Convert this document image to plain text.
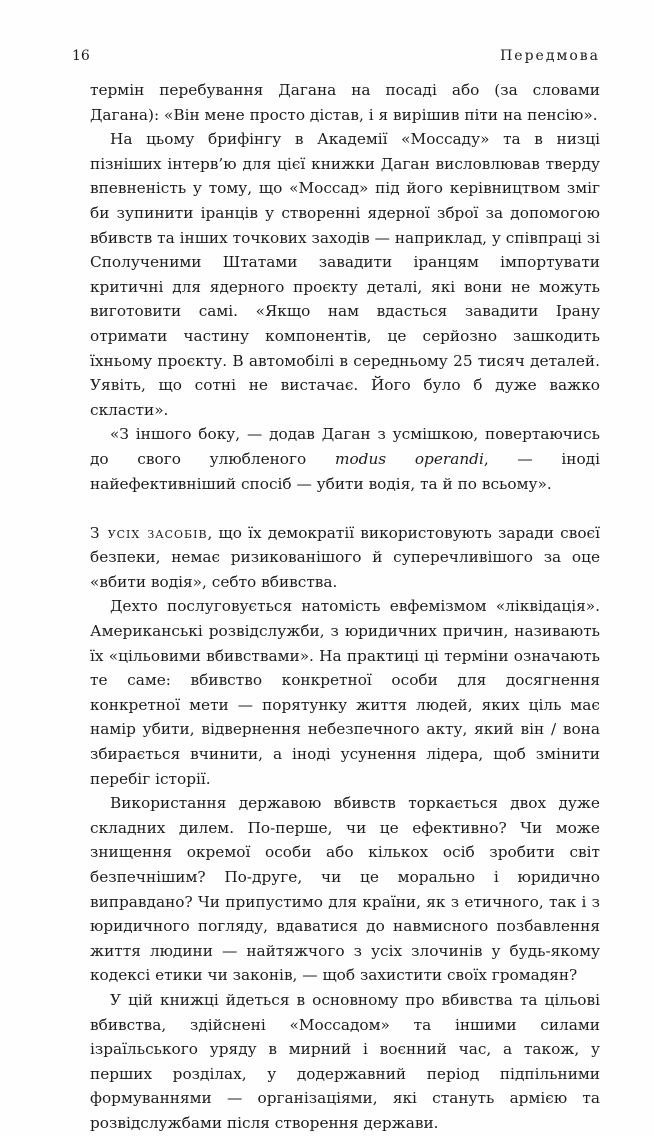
16	Передмова

термін перебування Дагана на посаді або (за словами Дагана): «Він мене просто дістав, і я вирішив піти на пенсію».

На цьому брифінгу в Академії «Моссаду» та в низці пізніших інтерв’ю для цієї книжки Даган висловлював тверду впевненість у тому, що «Моссад» під його керівництвом зміг би зупинити іранців у створенні ядерної зброї за допомогою вбивств та інших точкових заходів — наприклад, у співпраці зі Сполученими Штатами завадити іранцям імпортувати критичні для ядерного проєкту деталі, які вони не можуть виготовити самі. «Якщо нам вдасться завадити Ірану отримати частину компонентів, це серйозно зашкодить їхньому проєкту. В автомобілі в середньому 25 тисяч деталей. Уявіть, що сотні не вистачає. Його було б дуже важко скласти».

«З іншого боку, — додав Даган з усмішкою, повертаючись до свого улюбленого modus operandi, — іноді найефективніший спосіб — убити водія, та й по всьому».

З усіх засобів, що їх демократії використовують заради своєї безпеки, немає ризикованішого й суперечливішого за оце «вбити водія», себто вбивства.

Дехто послуговується натомість евфемізмом «ліквідація». Американські розвідслужби, з юридичних причин, називають їх «цільовими вбивствами». На практиці ці терміни означають те саме: вбивство конкретної особи для досягнення конкретної мети — порятунку життя людей, яких ціль має намір убити, відвернення небезпечного акту, який він / вона збирається вчинити, а іноді усунення лідера, щоб змінити перебіг історії.

Використання державою вбивств торкається двох дуже складних дилем. По-перше, чи це ефективно? Чи може знищення окремої особи або кількох осіб зробити світ безпечнішим? По-друге, чи це морально і юридично виправдано? Чи припустимо для країни, як з етичного, так і з юридичного погляду, вдаватися до навмисного позбавлення життя людини — найтяжчого з усіх злочинів у будь-якому кодексі етики чи законів, — щоб захистити своїх громадян?

У цій книжці йдеться в основному про вбивства та цільові вбивства, здійснені «Моссадом» та іншими силами ізраїльського уряду в мирний і воєнний час, а також, у перших розділах, у додержавний період підпільними формуваннями — організаціями, які стануть армією та розвідслужбами після створення держави.
